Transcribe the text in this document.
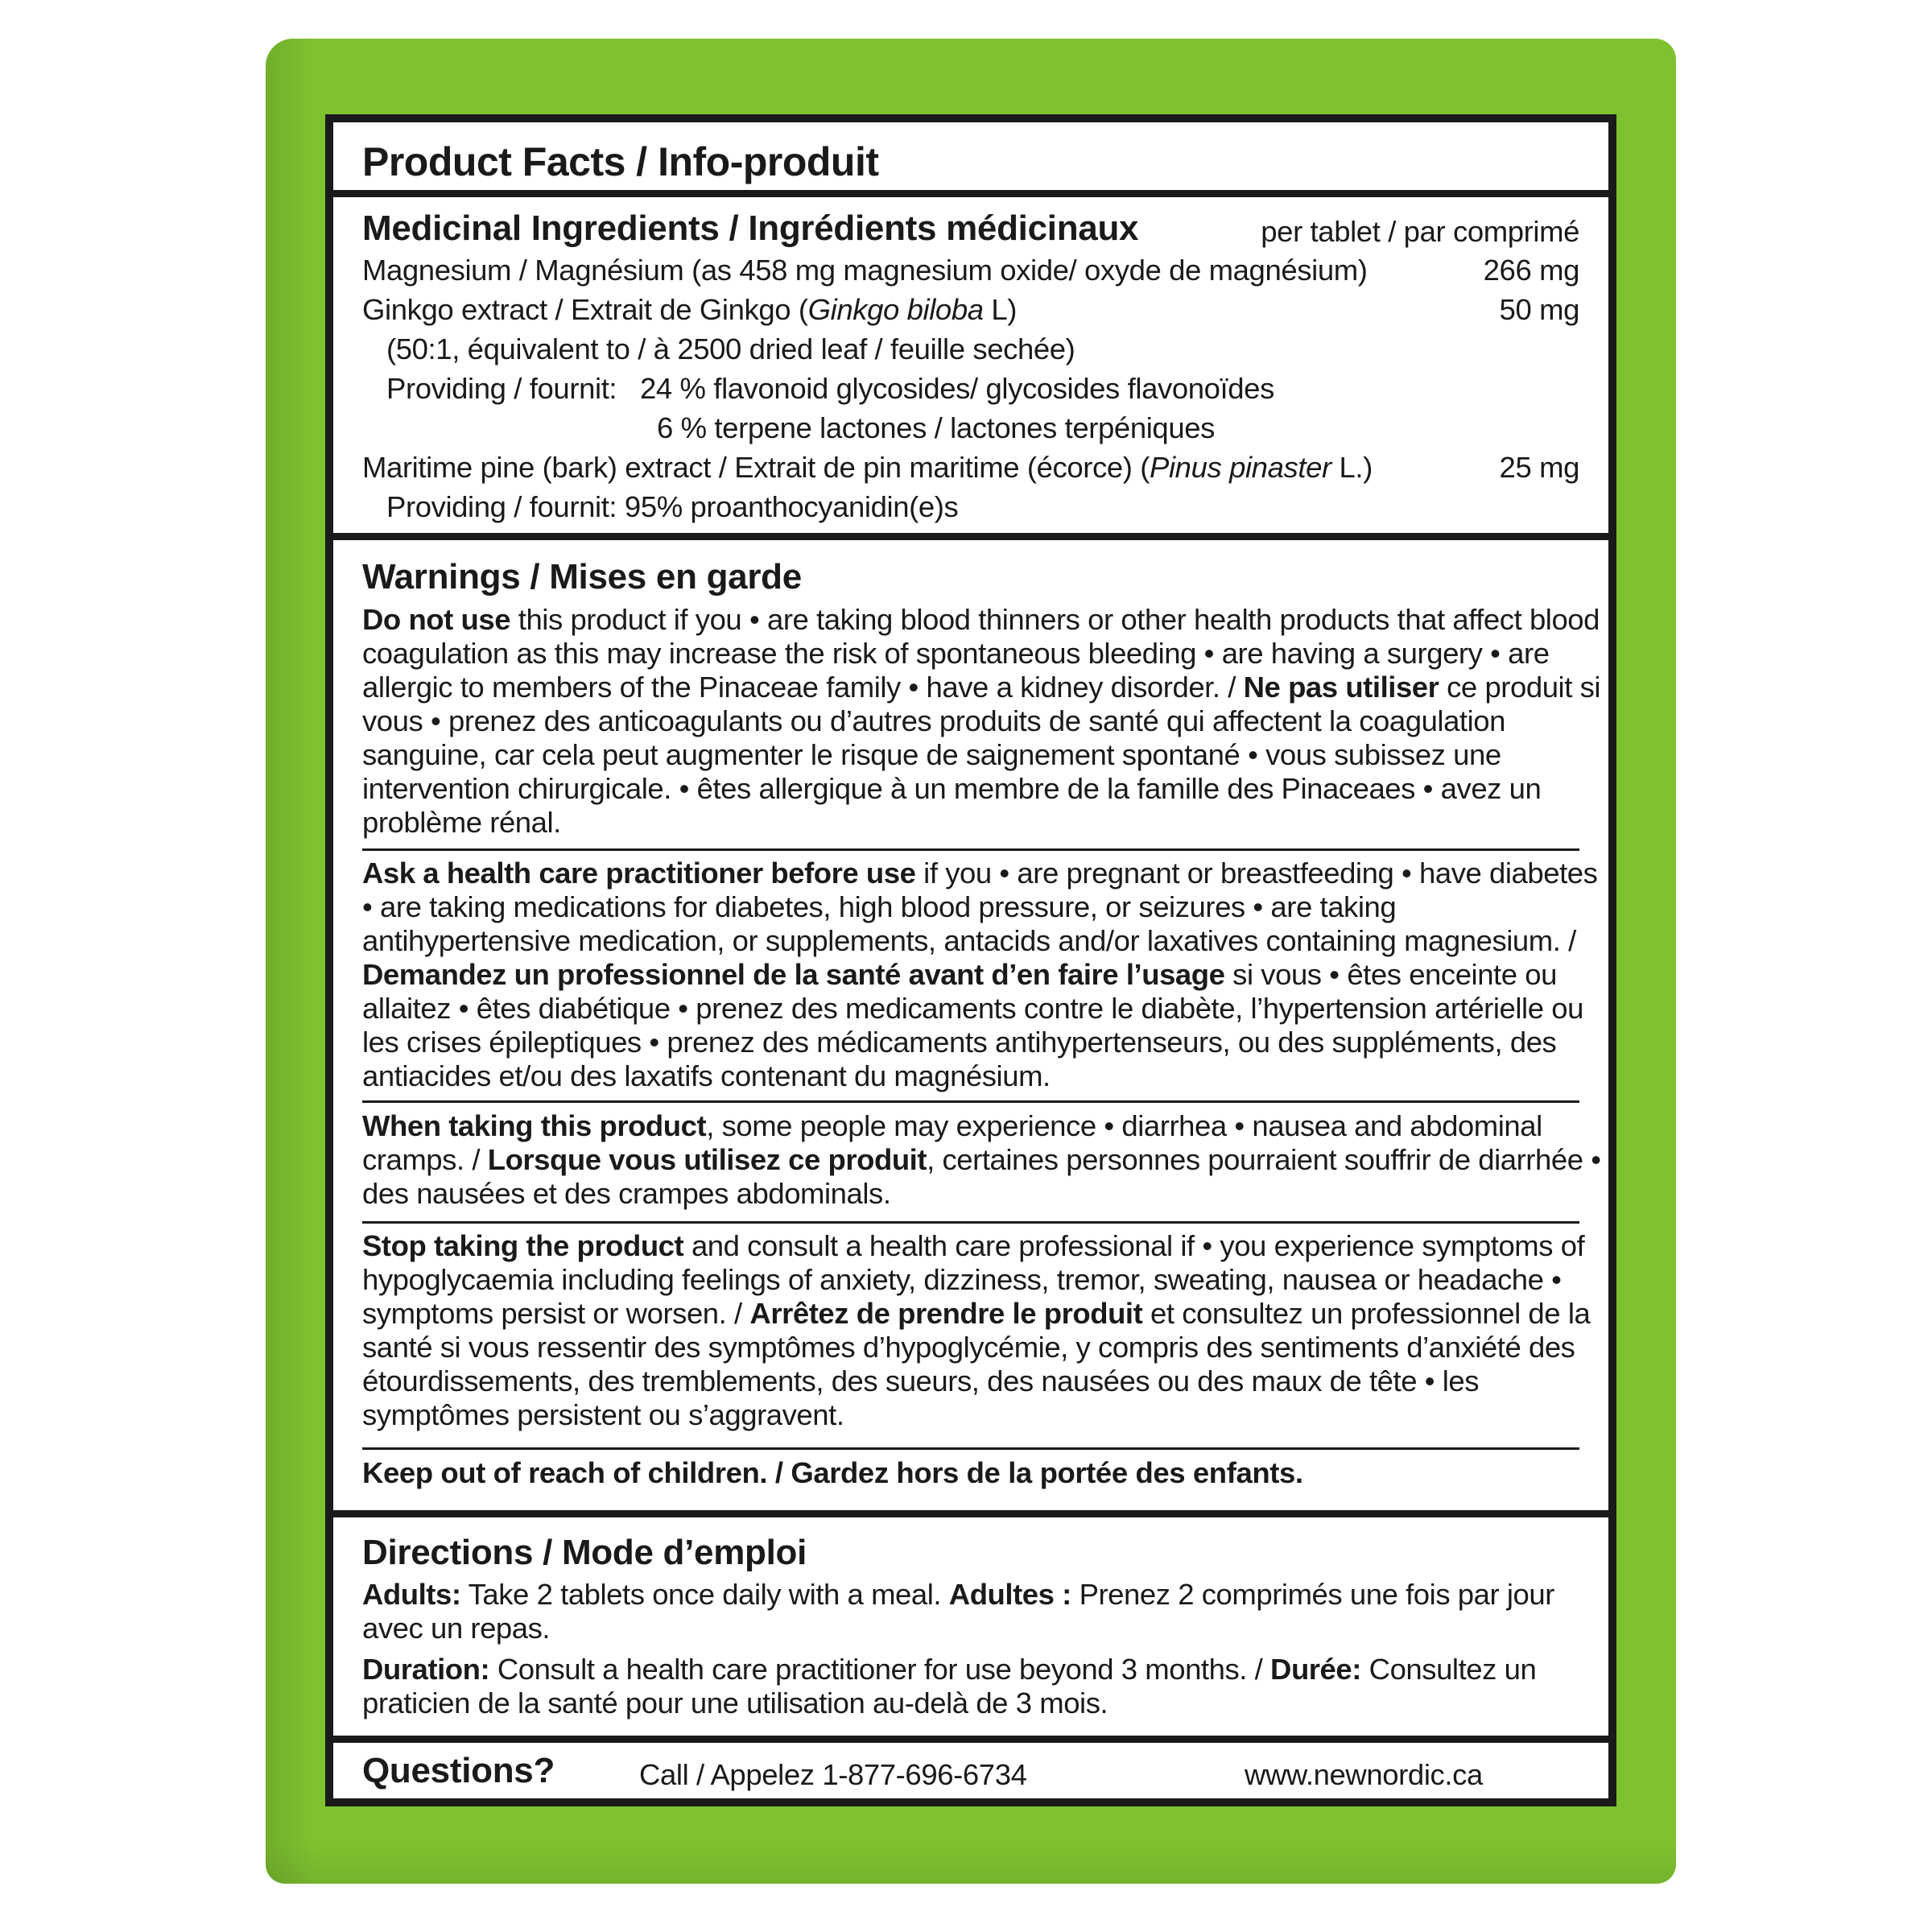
Product Facts / Info-produit
Medicinal Ingredients / Ingrédients médicinaux	per tablet / par comprimé
Magnesium / Magnésium (as 458 mg magnesium oxide/ oxyde de magnésium)	266 mg
Ginkgo extract / Extrait de Ginkgo (Ginkgo biloba L)	50 mg
(50:1, équivalent to / à 2500 dried leaf / feuille sechée)
Providing / fournit: 24 % flavonoid glycosides/ glycosides flavonoïdes
6 % terpene lactones / lactones terpéniques
Maritime pine (bark) extract / Extrait de pin maritime (écorce) (Pinus pinaster L.)	25 mg
Providing / fournit: 95% proanthocyanidin(e)s
Warnings / Mises en garde
Do not use this product if you • are taking blood thinners or other health products that affect blood coagulation as this may increase the risk of spontaneous bleeding • are having a surgery • are allergic to members of the Pinaceae family • have a kidney disorder. / Ne pas utiliser ce produit si vous • prenez des anticoagulants ou d’autres produits de santé qui affectent la coagulation sanguine, car cela peut augmenter le risque de saignement spontané • vous subissez une intervention chirurgicale. • êtes allergique à un membre de la famille des Pinaceaes • avez un problème rénal.
Ask a health care practitioner before use if you • are pregnant or breastfeeding • have diabetes • are taking medications for diabetes, high blood pressure, or seizures • are taking antihypertensive medication, or supplements, antacids and/or laxatives containing magnesium. / Demandez un professionnel de la santé avant d’en faire l’usage si vous • êtes enceinte ou allaitez • êtes diabétique • prenez des medicaments contre le diabète, l’hypertension artérielle ou les crises épileptiques • prenez des médicaments antihypertenseurs, ou des suppléments, des antiacides et/ou des laxatifs contenant du magnésium.
When taking this product, some people may experience • diarrhea • nausea and abdominal cramps. / Lorsque vous utilisez ce produit, certaines personnes pourraient souffrir de diarrhée • des nausées et des crampes abdominals.
Stop taking the product and consult a health care professional if • you experience symptoms of hypoglycaemia including feelings of anxiety, dizziness, tremor, sweating, nausea or headache • symptoms persist or worsen. / Arrêtez de prendre le produit et consultez un professionnel de la santé si vous ressentir des symptômes d’hypoglycémie, y compris des sentiments d’anxiété des étourdissements, des tremblements, des sueurs, des nausées ou des maux de tête • les symptômes persistent ou s’aggravent.
Keep out of reach of children. / Gardez hors de la portée des enfants.
Directions / Mode d’emploi
Adults: Take 2 tablets once daily with a meal. Adultes : Prenez 2 comprimés une fois par jour avec un repas.
Duration: Consult a health care practitioner for use beyond 3 months. / Durée: Consultez un praticien de la santé pour une utilisation au-delà de 3 mois.
Questions?	Call / Appelez 1-877-696-6734	www.newnordic.ca
